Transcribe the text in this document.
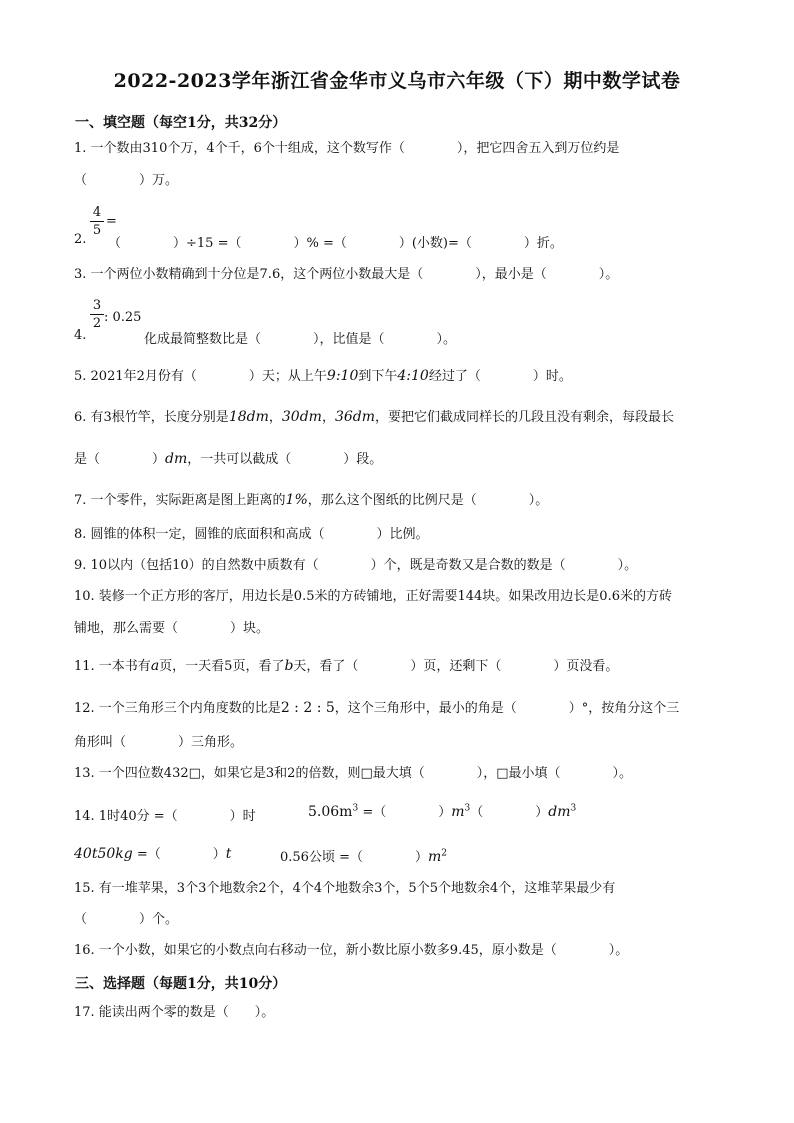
2022-2023学年浙江省金华市义乌市六年级（下）期中数学试卷
一、填空题（每空1分，共32分）
1. 一个数由310个万，4个千，6个十组成，这个数写作（　　　　），把它四舍五入到万位约是
（　　　　）万。
2.
4
5
=
（　　　　）÷15 =（　　　　）% =（　　　　）(小数)=（　　　　）折。
3. 一个两位小数精确到十分位是7.6，这个两位小数最大是（　　　　），最小是（　　　　）。
4.
3
2 : 0.25
化成最简整数比是（　　　　），比值是（　　　　）。
5. 2021年2月份有（　　　　）天；从上午9:10到下午4:10经过了（　　　　）时。
6. 有3根竹竿，长度分别是18dm，30dm，36dm，要把它们截成同样长的几段且没有剩余，每段最长
是（　　　　）dm，一共可以截成（　　　　）段。
7. 一个零件，实际距离是图上距离的1%，那么这个图纸的比例尺是（　　　　）。
8. 圆锥的体积一定，圆锥的底面积和高成（　　　　）比例。
9. 10以内（包括10）的自然数中质数有（　　　　）个，既是奇数又是合数的数是（　　　　）。
10. 装修一个正方形的客厅，用边长是0.5米的方砖铺地，正好需要144块。如果改用边长是0.6米的方砖
铺地，那么需要（　　　　）块。
11. 一本书有a页，一天看5页，看了b天，看了（　　　　）页，还剩下（　　　　）页没看。
12. 一个三角形三个内角度数的比是2 : 2 : 5，这个三角形中，最小的角是（　　　　）°，按角分这个三
角形叫（　　　　）三角形。
13. 一个四位数432□，如果它是3和2的倍数，则□最大填（　　　　），□最小填（　　　　）。
14. 1时40分 =（　　　　）时	$5.06m^3$ =（　　　　）$m^3$（　　　　）$dm^3$
40t50kg =（　　　　）t	0.56公顷 =（　　　　）$m^2$
15. 有一堆苹果，3个3个地数余2个，4个4个地数余3个，5个5个地数余4个，这堆苹果最少有
（　　　　）个。
16. 一个小数，如果它的小数点向右移动一位，新小数比原小数多9.45，原小数是（　　　　）。
三、选择题（每题1分，共10分）
17. 能读出两个零的数是（　　）。
